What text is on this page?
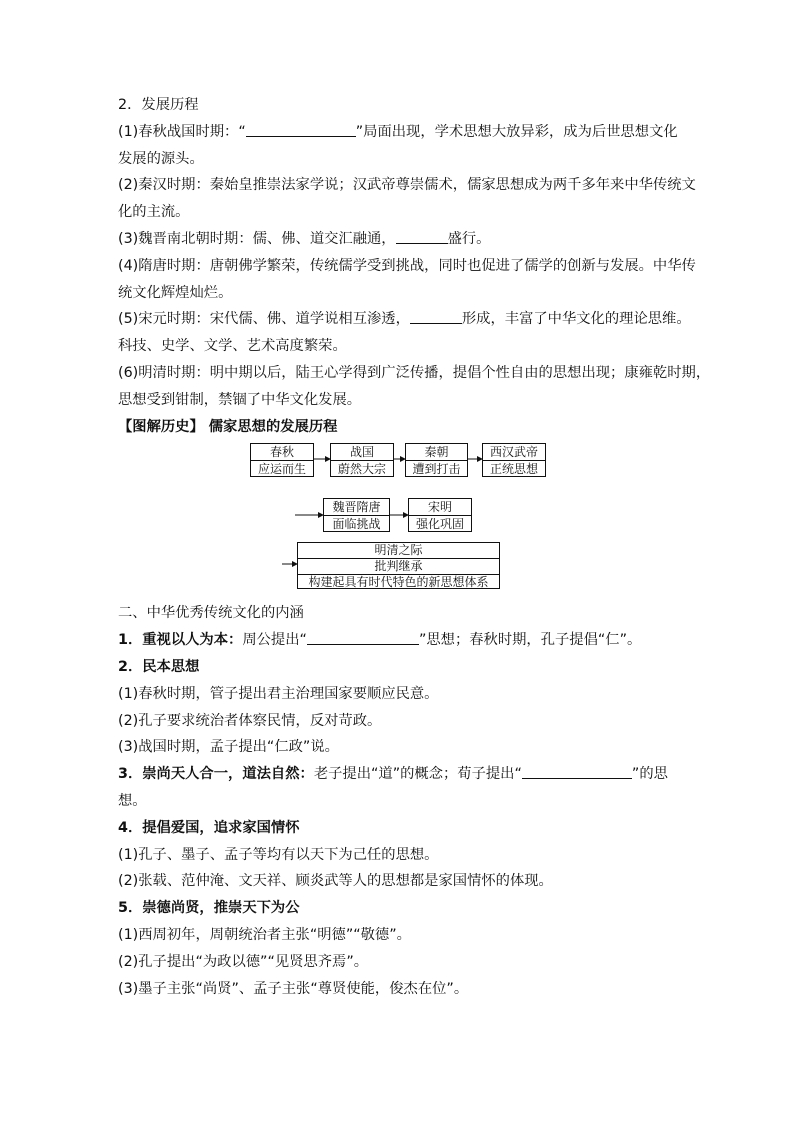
2．发展历程
(1)春秋战国时期：“	”局面出现，学术思想大放异彩，成为后世思想文化
发展的源头。
(2)秦汉时期：秦始皇推崇法家学说；汉武帝尊崇儒术，儒家思想成为两千多年来中华传统文
化的主流。
(3)魏晋南北朝时期：儒、佛、道交汇融通，	盛行。
(4)隋唐时期：唐朝佛学繁荣，传统儒学受到挑战，同时也促进了儒学的创新与发展。中华传
统文化辉煌灿烂。
(5)宋元时期：宋代儒、佛、道学说相互渗透，	形成，丰富了中华文化的理论思维。
科技、史学、文学、艺术高度繁荣。
(6)明清时期：明中期以后，陆王心学得到广泛传播，提倡个性自由的思想出现；康雍乾时期，
思想受到钳制，禁锢了中华文化发展。
【图解历史】 儒家思想的发展历程
春秋
应运而生
战国
蔚然大宗
秦朝
遭到打击
西汉武帝
正统思想
魏晋隋唐
面临挑战
宋明
强化巩固
明清之际
批判继承
构建起具有时代特色的新思想体系
二、中华优秀传统文化的内涵
1．重视以人为本：周公提出“	”思想；春秋时期，孔子提倡“仁”。
2．民本思想
(1)春秋时期，管子提出君主治理国家要顺应民意。
(2)孔子要求统治者体察民情，反对苛政。
(3)战国时期，孟子提出“仁政”说。
3．崇尚天人合一，道法自然：老子提出“道”的概念；荀子提出“	”的思
想。
4．提倡爱国，追求家国情怀
(1)孔子、墨子、孟子等均有以天下为己任的思想。
(2)张载、范仲淹、文天祥、顾炎武等人的思想都是家国情怀的体现。
5．崇德尚贤，推崇天下为公
(1)西周初年，周朝统治者主张“明德”“敬德”。
(2)孔子提出“为政以德”“见贤思齐焉”。
(3)墨子主张“尚贤”、孟子主张“尊贤使能，俊杰在位”。
